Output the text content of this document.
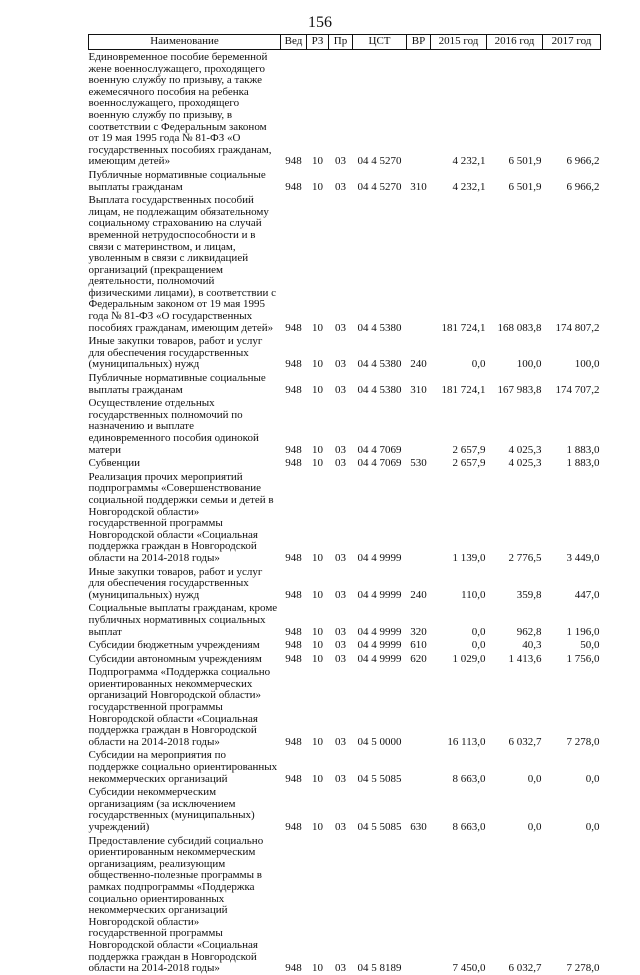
156
Наименование	Вед	РЗ	Пр	ЦСТ	ВР	2015 год	2016 год	2017 год
Единовременное пособие беременной жене военнослужащего, проходящего военную службу по призыву, а также ежемесячного пособия на ребенка военнослужащего, проходящего военную службу по призыву, в соответствии с Федеральным законом от 19 мая 1995 года № 81-ФЗ «О государственных пособиях гражданам, имеющим детей»	948	10	03	04 4 5270		4 232,1	6 501,9	6 966,2
Публичные нормативные социальные выплаты гражданам	948	10	03	04 4 5270	310	4 232,1	6 501,9	6 966,2
Выплата государственных пособий лицам, не подлежащим обязательному социальному страхованию на случай временной нетрудоспособности и в связи с материнством, и лицам, уволенным в связи с ликвидацией организаций (прекращением деятельности, полномочий физическими лицами), в соответствии с Федеральным законом от 19 мая 1995 года № 81-ФЗ «О государственных пособиях гражданам, имеющим детей»	948	10	03	04 4 5380		181 724,1	168 083,8	174 807,2
Иные закупки товаров, работ и услуг для обеспечения государственных (муниципальных) нужд	948	10	03	04 4 5380	240	0,0	100,0	100,0
Публичные нормативные социальные выплаты гражданам	948	10	03	04 4 5380	310	181 724,1	167 983,8	174 707,2
Осуществление отдельных государственных полномочий по назначению и выплате единовременного пособия одинокой матери	948	10	03	04 4 7069		2 657,9	4 025,3	1 883,0
Субвенции	948	10	03	04 4 7069	530	2 657,9	4 025,3	1 883,0
Реализация прочих мероприятий подпрограммы «Совершенствование социальной поддержки семьи и детей в Новгородской области» государственной программы Новгородской области «Социальная поддержка граждан в Новгородской области на 2014-2018 годы»	948	10	03	04 4 9999		1 139,0	2 776,5	3 449,0
Иные закупки товаров, работ и услуг для обеспечения государственных (муниципальных) нужд	948	10	03	04 4 9999	240	110,0	359,8	447,0
Социальные выплаты гражданам, кроме публичных нормативных социальных выплат	948	10	03	04 4 9999	320	0,0	962,8	1 196,0
Субсидии бюджетным учреждениям	948	10	03	04 4 9999	610	0,0	40,3	50,0
Субсидии автономным учреждениям	948	10	03	04 4 9999	620	1 029,0	1 413,6	1 756,0
Подпрограмма «Поддержка социально ориентированных некоммерческих организаций Новгородской области» государственной программы Новгородской области «Социальная поддержка граждан в Новгородской области на 2014-2018 годы»	948	10	03	04 5 0000		16 113,0	6 032,7	7 278,0
Субсидии на мероприятия по поддержке социально ориентированных некоммерческих организаций	948	10	03	04 5 5085		8 663,0	0,0	0,0
Субсидии некоммерческим организациям (за исключением государственных (муниципальных) учреждений)	948	10	03	04 5 5085	630	8 663,0	0,0	0,0
Предоставление субсидий социально ориентированным некоммерческим организациям, реализующим общественно-полезные программы в рамках подпрограммы «Поддержка социально ориентированных некоммерческих организаций Новгородской области» государственной программы Новгородской области «Социальная поддержка граждан в Новгородской области на 2014-2018 годы»	948	10	03	04 5 8189		7 450,0	6 032,7	7 278,0
